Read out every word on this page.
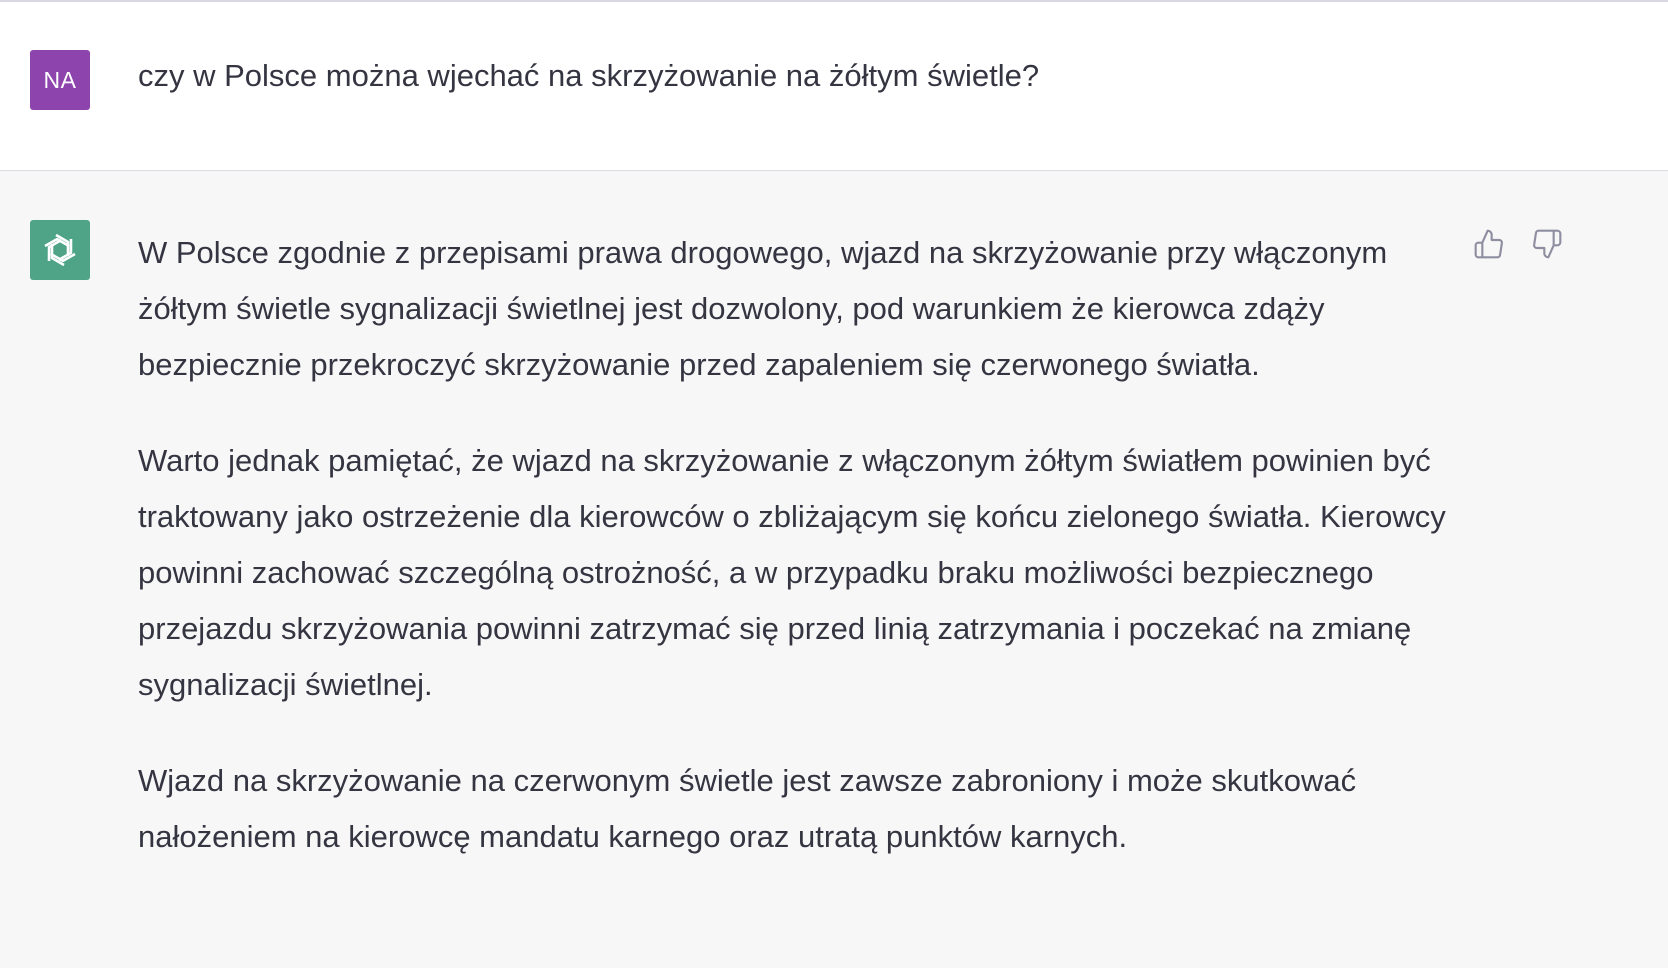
NA czy w Polsce można wjechać na skrzyżowanie na żółtym świetle?

W Polsce zgodnie z przepisami prawa drogowego, wjazd na skrzyżowanie przy włączonym żółtym świetle sygnalizacji świetlnej jest dozwolony, pod warunkiem że kierowca zdąży bezpiecznie przekroczyć skrzyżowanie przed zapaleniem się czerwonego światła.

Warto jednak pamiętać, że wjazd na skrzyżowanie z włączonym żółtym światłem powinien być traktowany jako ostrzeżenie dla kierowców o zbliżającym się końcu zielonego światła. Kierowcy powinni zachować szczególną ostrożność, a w przypadku braku możliwości bezpiecznego przejazdu skrzyżowania powinni zatrzymać się przed linią zatrzymania i poczekać na zmianę sygnalizacji świetlnej.

Wjazd na skrzyżowanie na czerwonym świetle jest zawsze zabroniony i może skutkować nałożeniem na kierowcę mandatu karnego oraz utratą punktów karnych.
